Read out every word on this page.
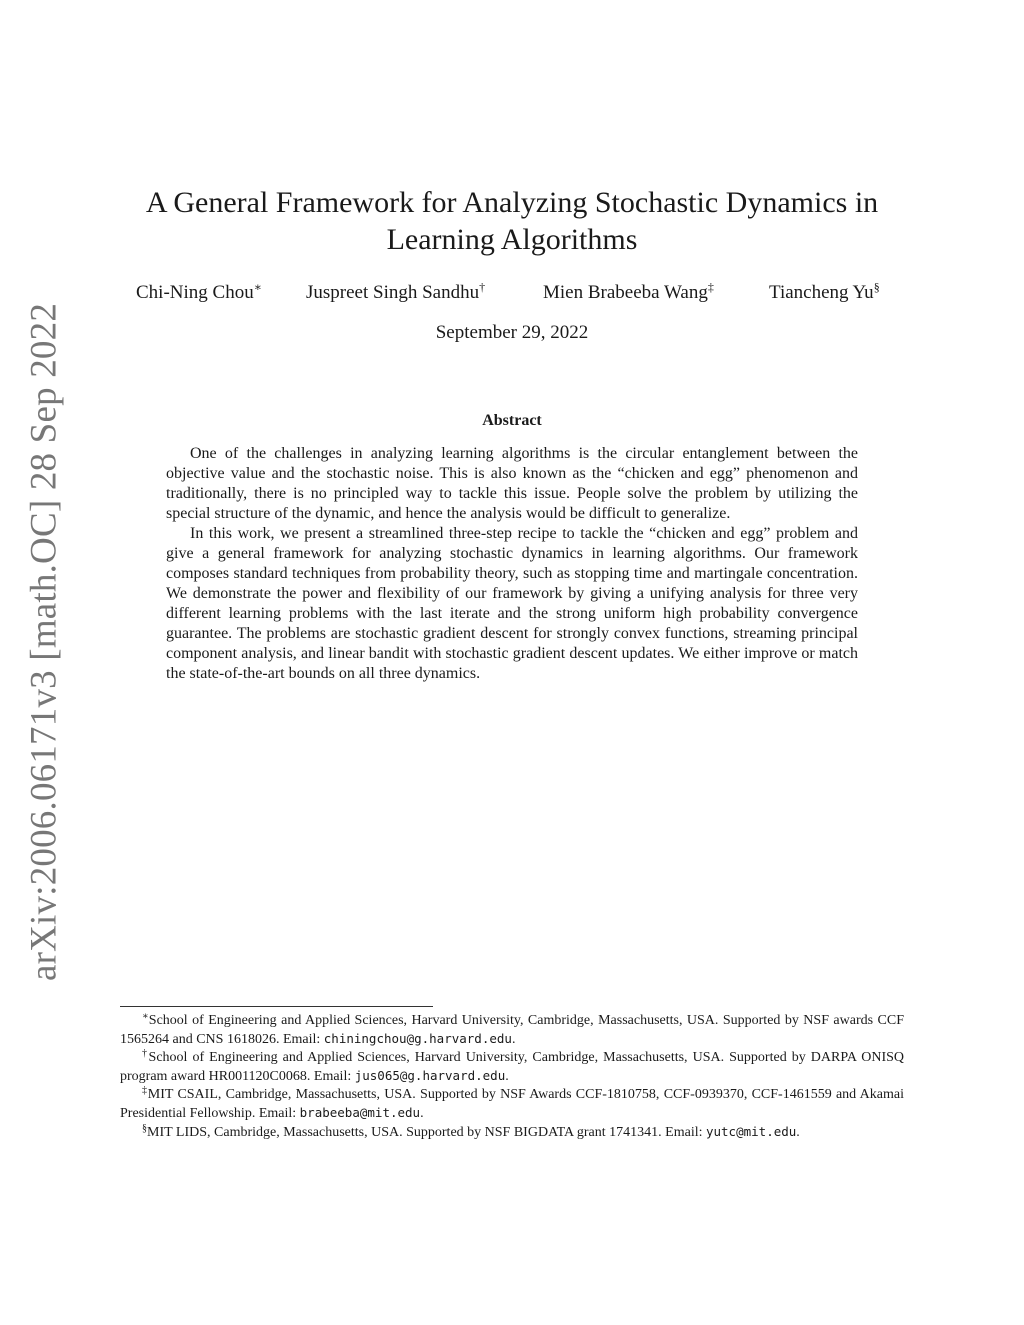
arXiv:2006.06171v3 [math.OC] 28 Sep 2022
A General Framework for Analyzing Stochastic Dynamics in
Learning Algorithms
Chi-Ning Chou∗ Juspreet Singh Sandhu†	Mien Brabeeba Wang‡	Tiancheng Yu§
September 29, 2022
Abstract

One of the challenges in analyzing learning algorithms is the circular entanglement between the objective value and the stochastic noise. This is also known as the “chicken and egg” phenomenon and traditionally, there is no principled way to tackle this issue. People solve the problem by utilizing the special structure of the dynamic, and hence the analysis would be difficult to generalize.

In this work, we present a streamlined three-step recipe to tackle the “chicken and egg” problem and give a general framework for analyzing stochastic dynamics in learning algorithms. Our framework composes standard techniques from probability theory, such as stopping time and martingale concentration. We demonstrate the power and flexibility of our framework by giving a unifying analysis for three very different learning problems with the last iterate and the strong uniform high probability convergence guarantee. The problems are stochastic gradient descent for strongly convex functions, streaming principal component analysis, and linear bandit with stochastic gradient descent updates. We either improve or match the state-of-the-art bounds on all three dynamics.

∗School of Engineering and Applied Sciences, Harvard University, Cambridge, Massachusetts, USA. Supported by NSF awards CCF 1565264 and CNS 1618026. Email: chiningchou@g.harvard.edu.

†School of Engineering and Applied Sciences, Harvard University, Cambridge, Massachusetts, USA. Supported by DARPA ONISQ program award HR001120C0068. Email: jus065@g.harvard.edu.

‡MIT CSAIL, Cambridge, Massachusetts, USA. Supported by NSF Awards CCF-1810758, CCF-0939370, CCF-1461559 and Akamai Presidential Fellowship. Email: brabeeba@mit.edu.

§MIT LIDS, Cambridge, Massachusetts, USA. Supported by NSF BIGDATA grant 1741341. Email: yutc@mit.edu.
